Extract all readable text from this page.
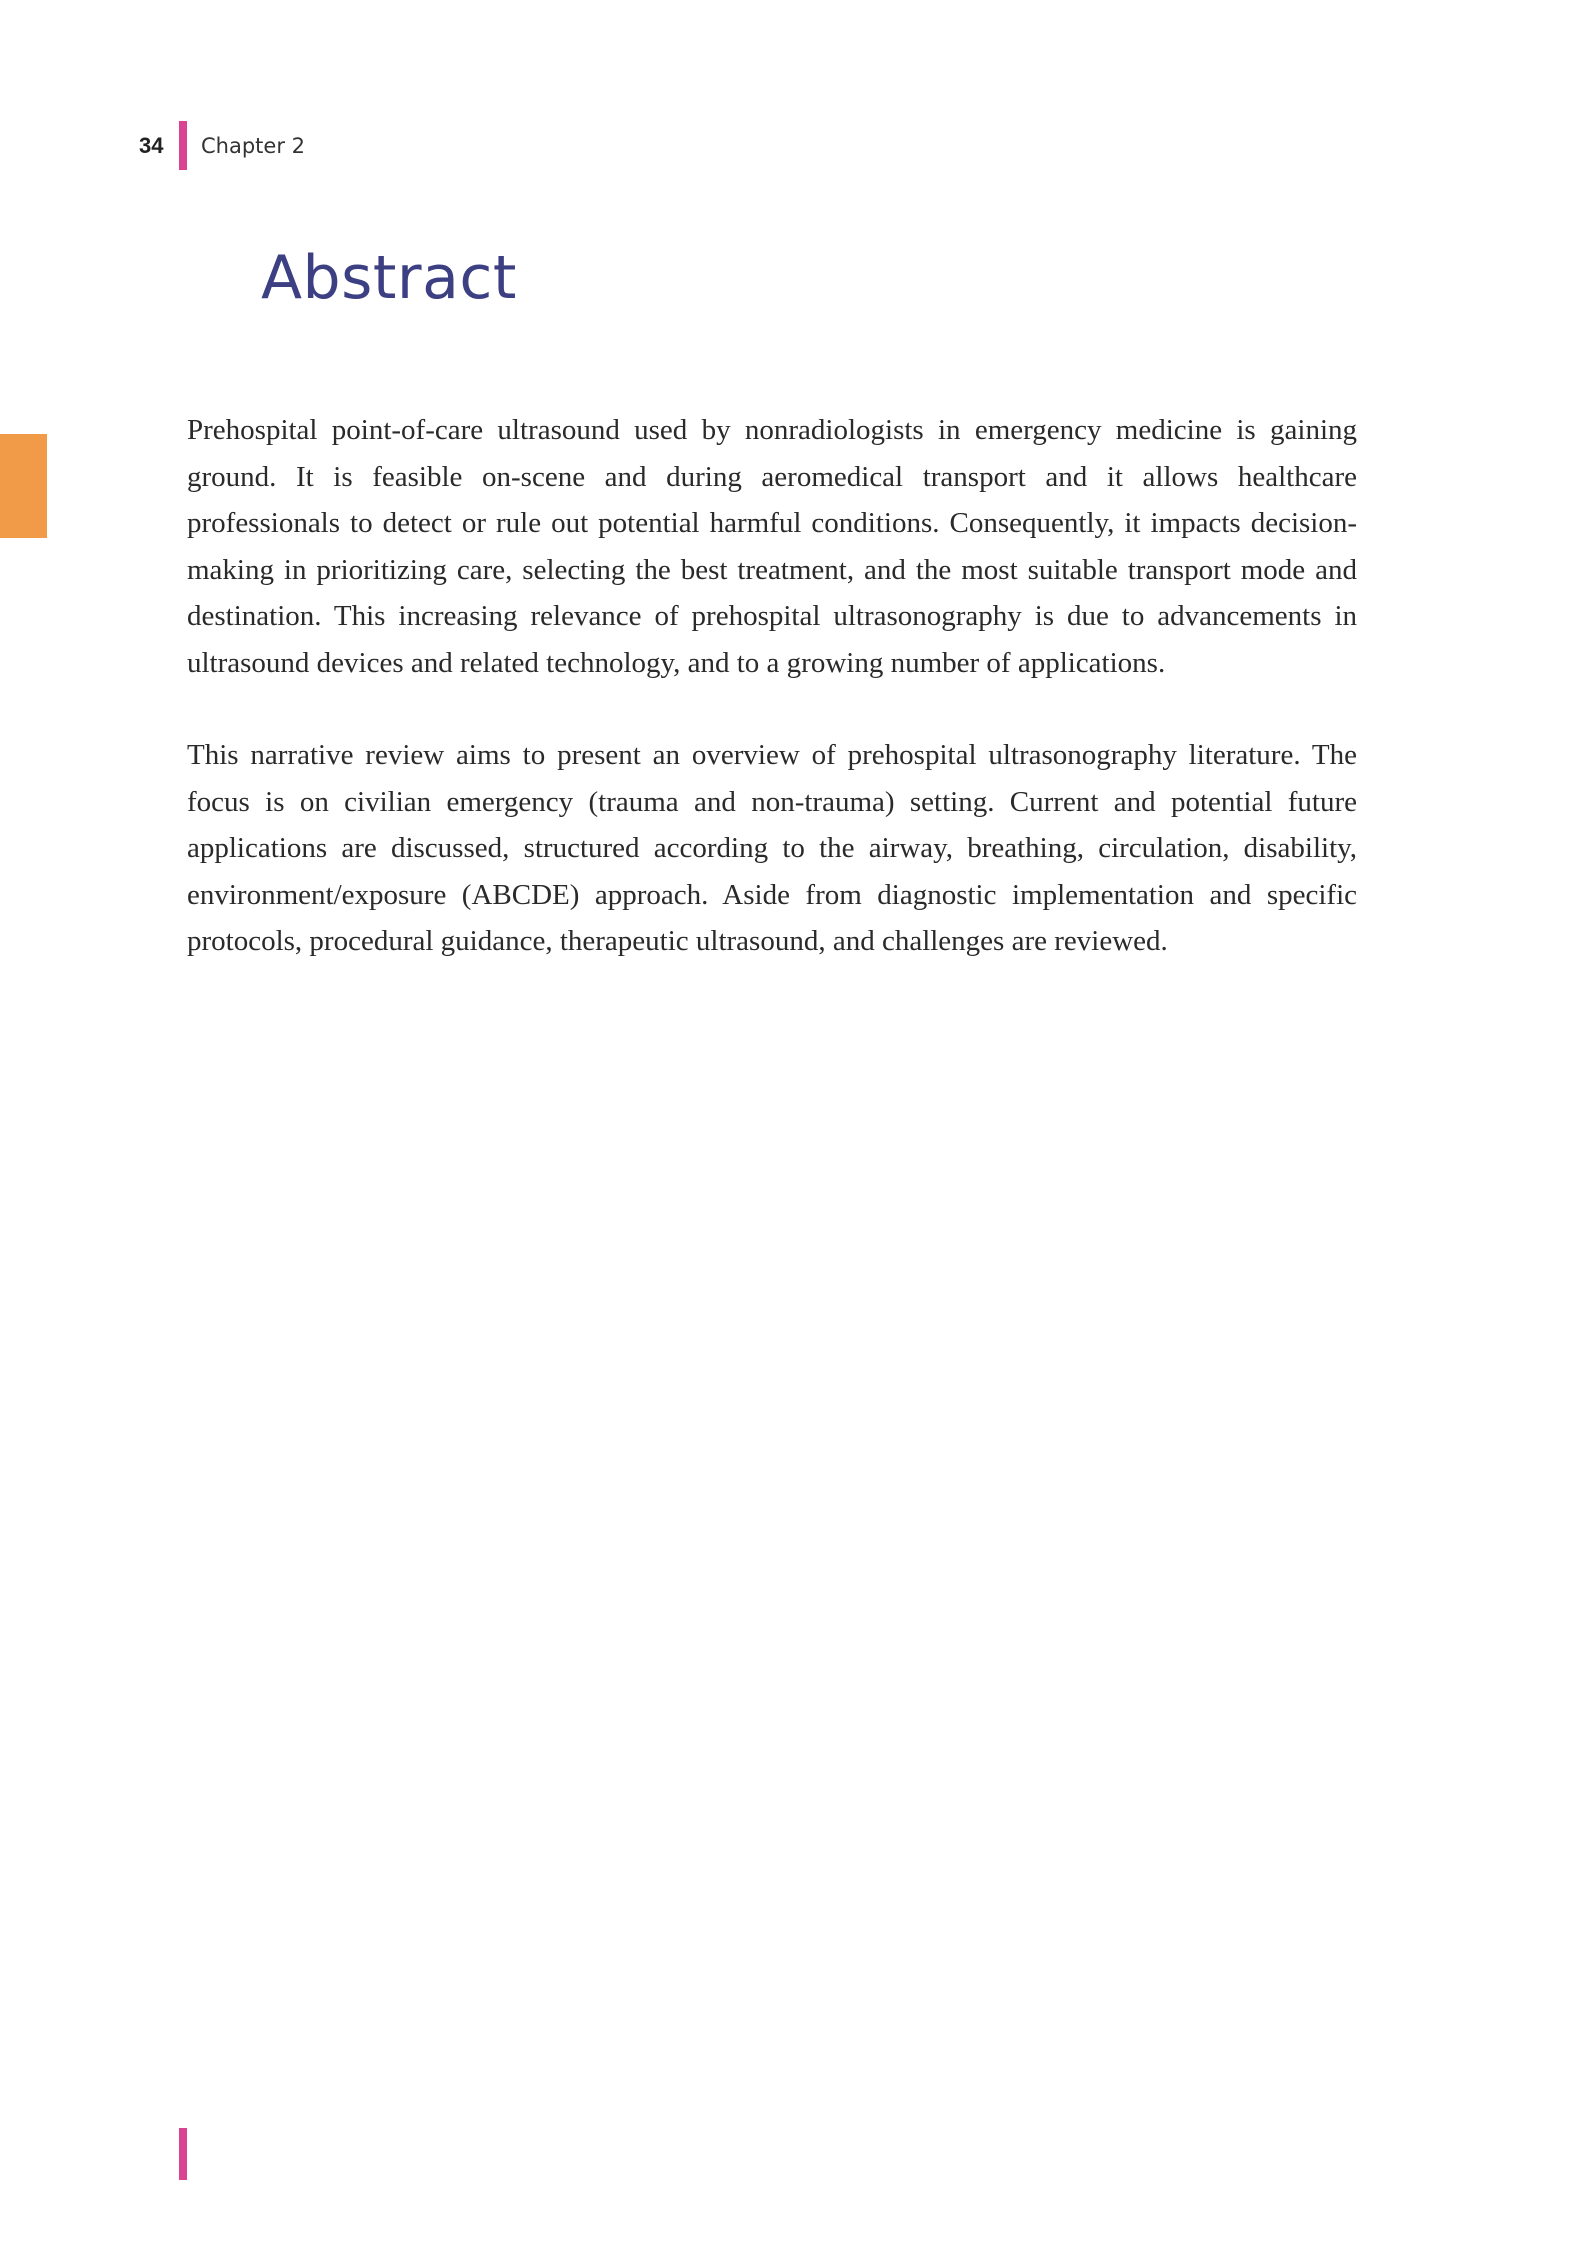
34 Chapter 2
Abstract

Prehospital point-of-care ultrasound used by nonradiologists in emergency medicine is gaining ground. It is feasible on-scene and during aeromedical transport and it allows healthcare professionals to detect or rule out potential harmful conditions. Consequently, it impacts decision-making in prioritizing care, selecting the best treatment, and the most suitable transport mode and destination. This increasing relevance of prehospital ultrasonography is due to advancements in ultrasound devices and related technology, and to a growing number of applications.

This narrative review aims to present an overview of prehospital ultrasonography literature. The focus is on civilian emergency (trauma and non-trauma) setting. Current and potential future applications are discussed, structured according to the airway, breathing, circulation, disability, environment/exposure (ABCDE) approach. Aside from diagnostic implementation and specific protocols, procedural guidance, therapeutic ultrasound, and challenges are reviewed.
